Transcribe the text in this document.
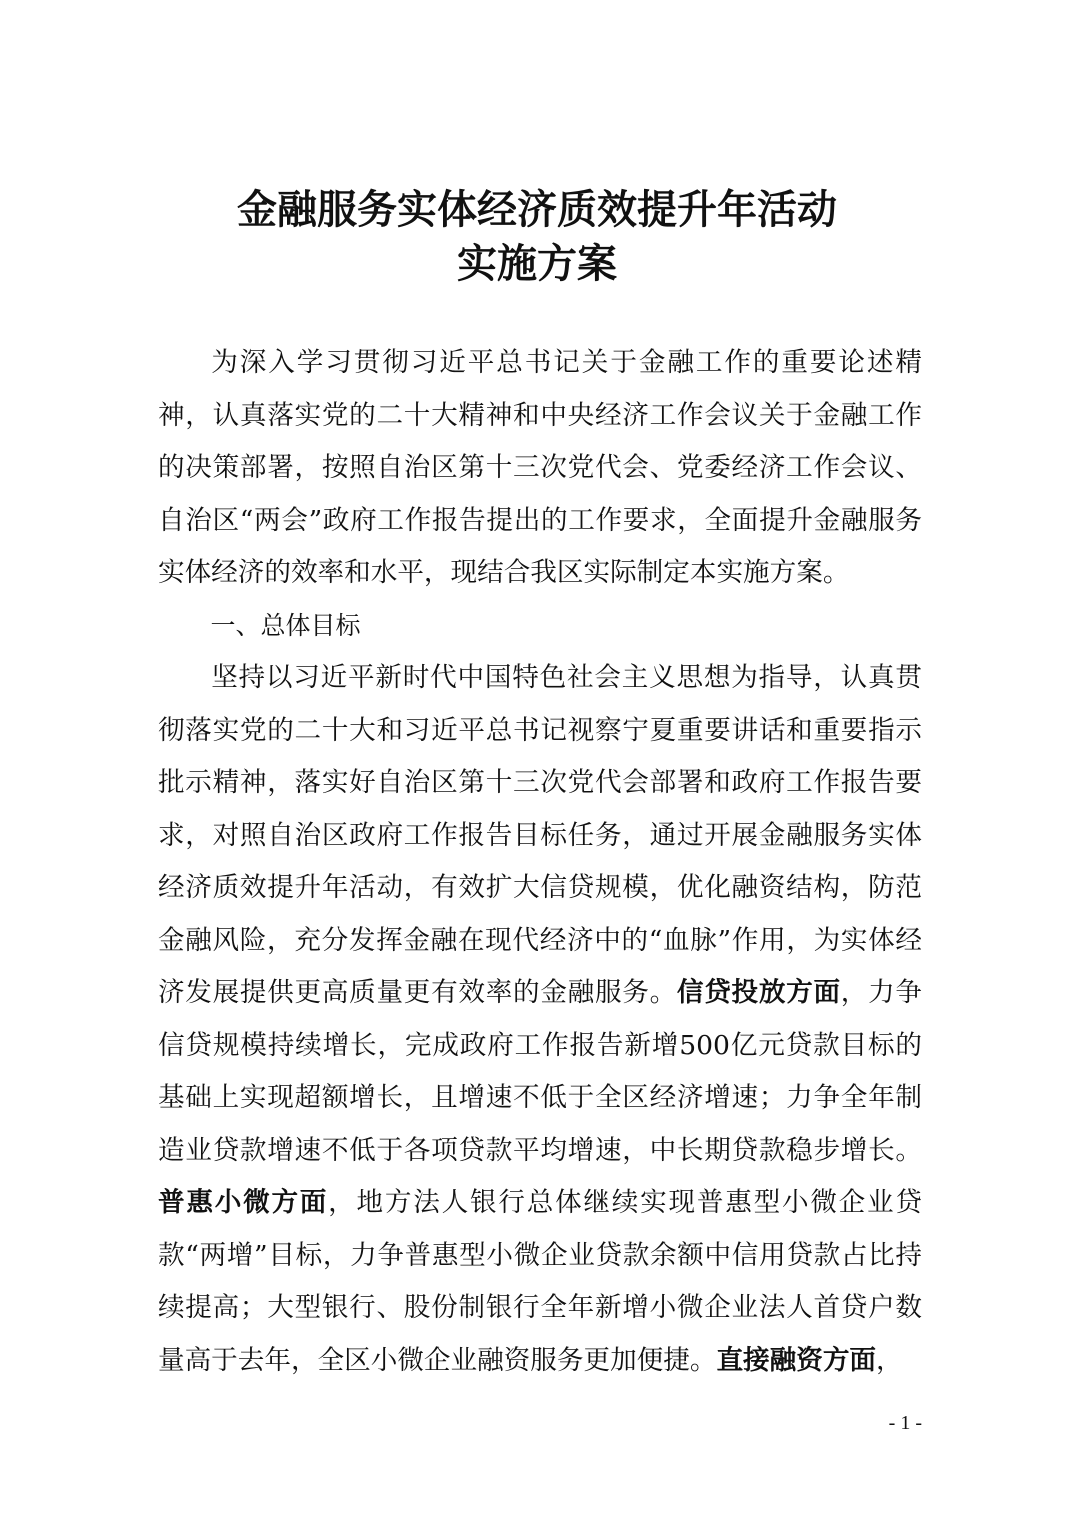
金融服务实体经济质效提升年活动
实施方案

为深入学习贯彻习近平总书记关于金融工作的重要论述精神，认真落实党的二十大精神和中央经济工作会议关于金融工作的决策部署，按照自治区第十三次党代会、党委经济工作会议、自治区“两会”政府工作报告提出的工作要求，全面提升金融服务实体经济的效率和水平，现结合我区实际制定本实施方案。

一、总体目标

坚持以习近平新时代中国特色社会主义思想为指导，认真贯彻落实党的二十大和习近平总书记视察宁夏重要讲话和重要指示批示精神，落实好自治区第十三次党代会部署和政府工作报告要求，对照自治区政府工作报告目标任务，通过开展金融服务实体经济质效提升年活动，有效扩大信贷规模，优化融资结构，防范金融风险，充分发挥金融在现代经济中的“血脉”作用，为实体经济发展提供更高质量更有效率的金融服务。信贷投放方面，力争信贷规模持续增长，完成政府工作报告新增500亿元贷款目标的基础上实现超额增长，且增速不低于全区经济增速；力争全年制造业贷款增速不低于各项贷款平均增速，中长期贷款稳步增长。普惠小微方面，地方法人银行总体继续实现普惠型小微企业贷款“两增”目标，力争普惠型小微企业贷款余额中信用贷款占比持续提高；大型银行、股份制银行全年新增小微企业法人首贷户数量高于去年，全区小微企业融资服务更加便捷。直接融资方面，

- 1 -
